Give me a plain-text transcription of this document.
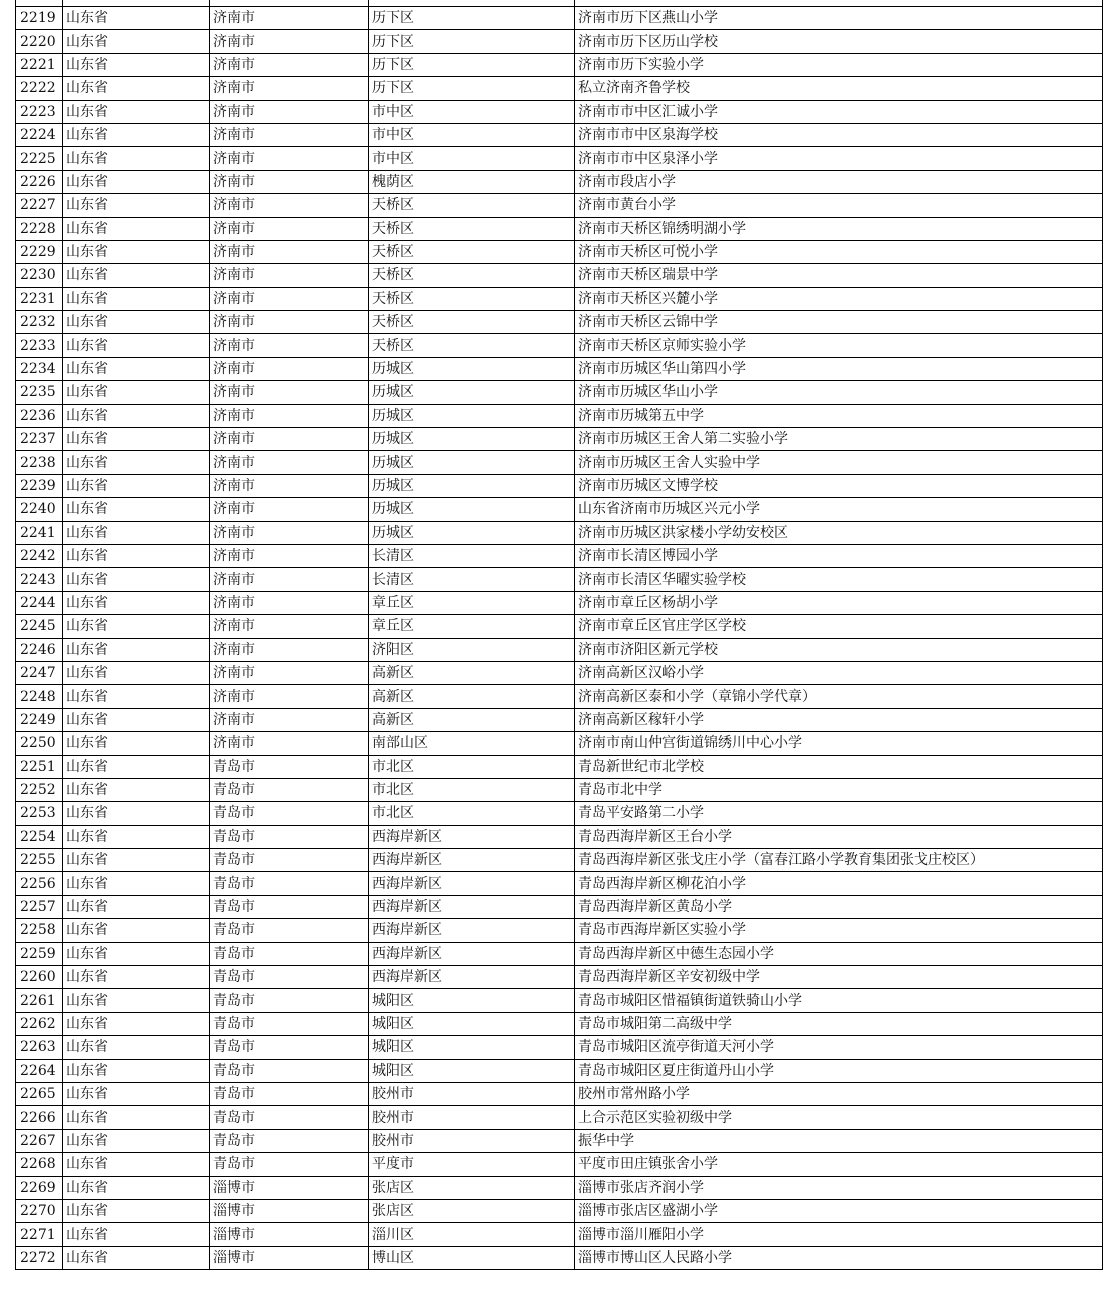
2219	山东省	济南市	历下区	济南市历下区燕山小学
2220	山东省	济南市	历下区	济南市历下区历山学校
2221	山东省	济南市	历下区	济南市历下实验小学
2222	山东省	济南市	历下区	私立济南齐鲁学校
2223	山东省	济南市	市中区	济南市市中区汇诚小学
2224	山东省	济南市	市中区	济南市市中区泉海学校
2225	山东省	济南市	市中区	济南市市中区泉泽小学
2226	山东省	济南市	槐荫区	济南市段店小学
2227	山东省	济南市	天桥区	济南市黄台小学
2228	山东省	济南市	天桥区	济南市天桥区锦绣明湖小学
2229	山东省	济南市	天桥区	济南市天桥区可悦小学
2230	山东省	济南市	天桥区	济南市天桥区瑞景中学
2231	山东省	济南市	天桥区	济南市天桥区兴麓小学
2232	山东省	济南市	天桥区	济南市天桥区云锦中学
2233	山东省	济南市	天桥区	济南市天桥区京师实验小学
2234	山东省	济南市	历城区	济南市历城区华山第四小学
2235	山东省	济南市	历城区	济南市历城区华山小学
2236	山东省	济南市	历城区	济南市历城第五中学
2237	山东省	济南市	历城区	济南市历城区王舍人第二实验小学
2238	山东省	济南市	历城区	济南市历城区王舍人实验中学
2239	山东省	济南市	历城区	济南市历城区文博学校
2240	山东省	济南市	历城区	山东省济南市历城区兴元小学
2241	山东省	济南市	历城区	济南市历城区洪家楼小学幼安校区
2242	山东省	济南市	长清区	济南市长清区博园小学
2243	山东省	济南市	长清区	济南市长清区华曜实验学校
2244	山东省	济南市	章丘区	济南市章丘区杨胡小学
2245	山东省	济南市	章丘区	济南市章丘区官庄学区学校
2246	山东省	济南市	济阳区	济南市济阳区新元学校
2247	山东省	济南市	高新区	济南高新区汉峪小学
2248	山东省	济南市	高新区	济南高新区泰和小学（章锦小学代章）
2249	山东省	济南市	高新区	济南高新区稼轩小学
2250	山东省	济南市	南部山区	济南市南山仲宫街道锦绣川中心小学
2251	山东省	青岛市	市北区	青岛新世纪市北学校
2252	山东省	青岛市	市北区	青岛市北中学
2253	山东省	青岛市	市北区	青岛平安路第二小学
2254	山东省	青岛市	西海岸新区	青岛西海岸新区王台小学
2255	山东省	青岛市	西海岸新区	青岛西海岸新区张戈庄小学（富春江路小学教育集团张戈庄校区）
2256	山东省	青岛市	西海岸新区	青岛西海岸新区柳花泊小学
2257	山东省	青岛市	西海岸新区	青岛西海岸新区黄岛小学
2258	山东省	青岛市	西海岸新区	青岛市西海岸新区实验小学
2259	山东省	青岛市	西海岸新区	青岛西海岸新区中德生态园小学
2260	山东省	青岛市	西海岸新区	青岛西海岸新区辛安初级中学
2261	山东省	青岛市	城阳区	青岛市城阳区惜福镇街道铁骑山小学
2262	山东省	青岛市	城阳区	青岛市城阳第二高级中学
2263	山东省	青岛市	城阳区	青岛市城阳区流亭街道天河小学
2264	山东省	青岛市	城阳区	青岛市城阳区夏庄街道丹山小学
2265	山东省	青岛市	胶州市	胶州市常州路小学
2266	山东省	青岛市	胶州市	上合示范区实验初级中学
2267	山东省	青岛市	胶州市	振华中学
2268	山东省	青岛市	平度市	平度市田庄镇张舍小学
2269	山东省	淄博市	张店区	淄博市张店齐润小学
2270	山东省	淄博市	张店区	淄博市张店区盛湖小学
2271	山东省	淄博市	淄川区	淄博市淄川雁阳小学
2272	山东省	淄博市	博山区	淄博市博山区人民路小学
